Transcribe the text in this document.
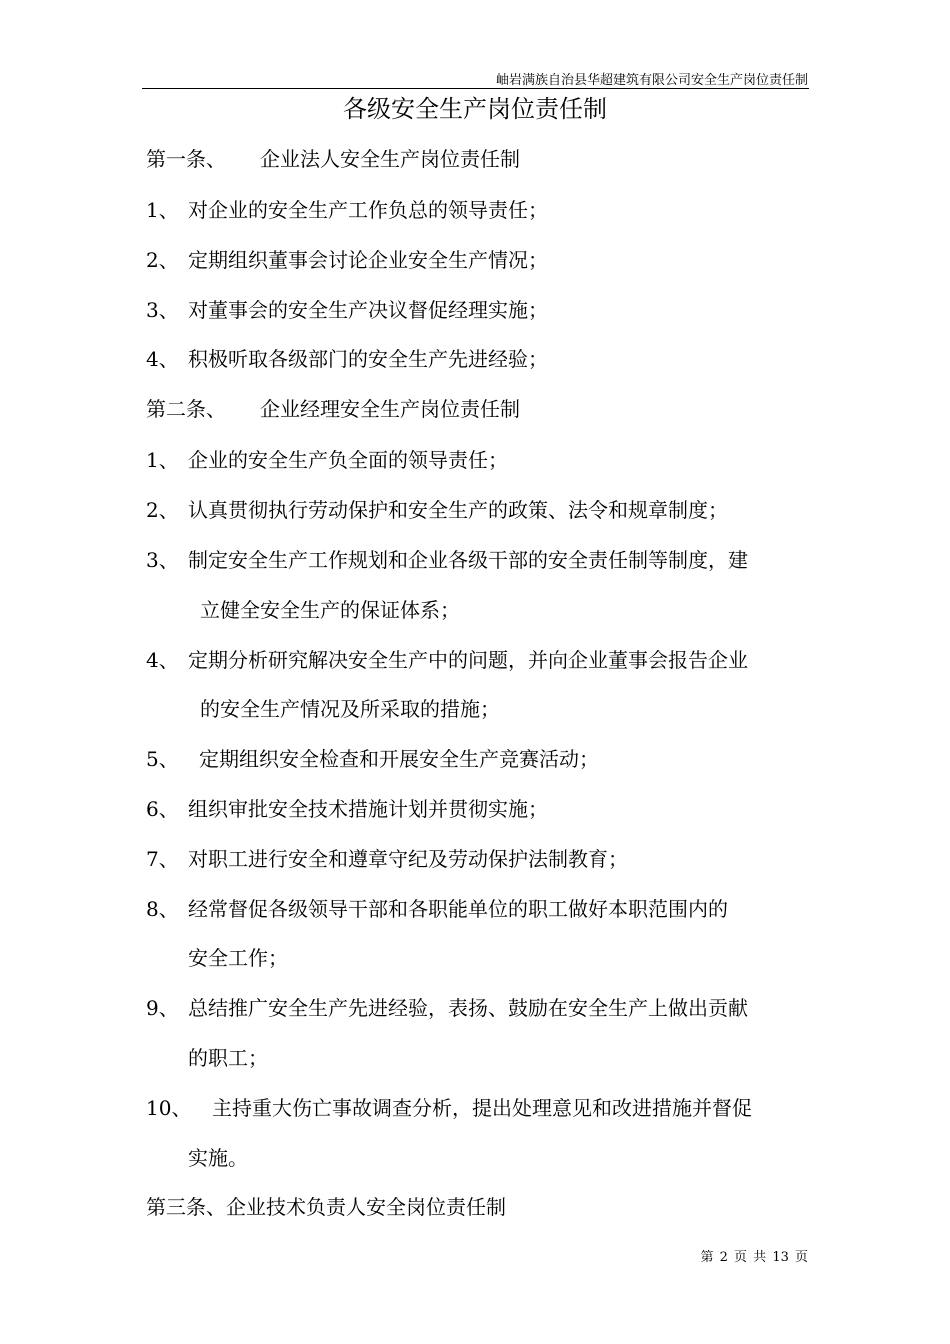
岫岩满族自治县华超建筑有限公司安全生产岗位责任制
各级安全生产岗位责任制
第一条、 企业法人安全生产岗位责任制
1、 对企业的安全生产工作负总的领导责任；
2、 定期组织董事会讨论企业安全生产情况；
3、 对董事会的安全生产决议督促经理实施；
4、 积极听取各级部门的安全生产先进经验；
第二条、 企业经理安全生产岗位责任制
1、 企业的安全生产负全面的领导责任；
2、 认真贯彻执行劳动保护和安全生产的政策、法令和规章制度；
3、 制定安全生产工作规划和企业各级干部的安全责任制等制度，建
立健全安全生产的保证体系；
4、 定期分析研究解决安全生产中的问题，并向企业董事会报告企业
的安全生产情况及所采取的措施；
5、 定期组织安全检查和开展安全生产竞赛活动；
6、 组织审批安全技术措施计划并贯彻实施；
7、 对职工进行安全和遵章守纪及劳动保护法制教育；
8、 经常督促各级领导干部和各职能单位的职工做好本职范围内的
安全工作；
9、 总结推广安全生产先进经验，表扬、鼓励在安全生产上做出贡献
的职工；
10、 主持重大伤亡事故调查分析，提出处理意见和改进措施并督促
实施。
第三条、企业技术负责人安全岗位责任制
第 2 页 共 13 页
